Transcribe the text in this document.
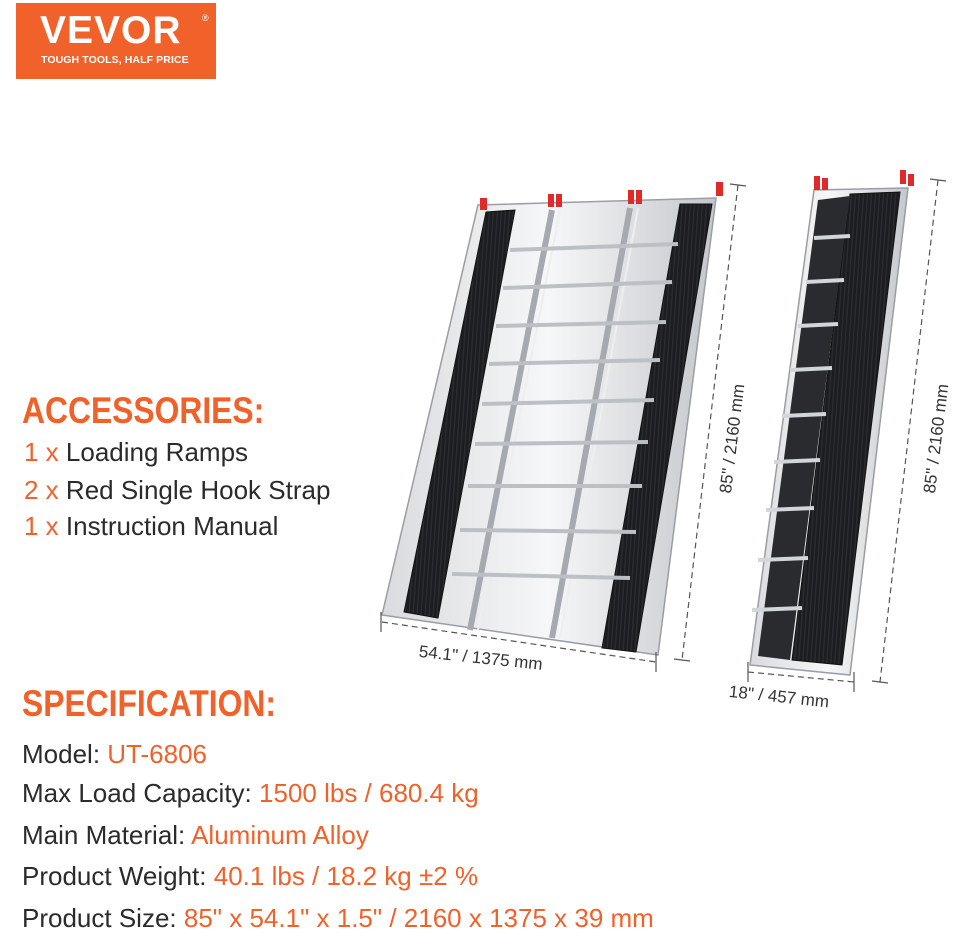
VEVOR ®
TOUGH TOOLS, HALF PRICE
ACCESSORIES:
1 x Loading Ramps
2 x Red Single Hook Strap
1 x Instruction Manual
SPECIFICATION:
Model: UT-6806
Max Load Capacity: 1500 lbs / 680.4 kg
Main Material: Aluminum Alloy
Product Weight: 40.1 lbs / 18.2 kg ±2 %
Product Size: 85" x 54.1" x 1.5" / 2160 x 1375 x 39 mm
54.1" / 1375 mm
85" / 2160 mm
18" / 457 mm
85" / 2160 mm
